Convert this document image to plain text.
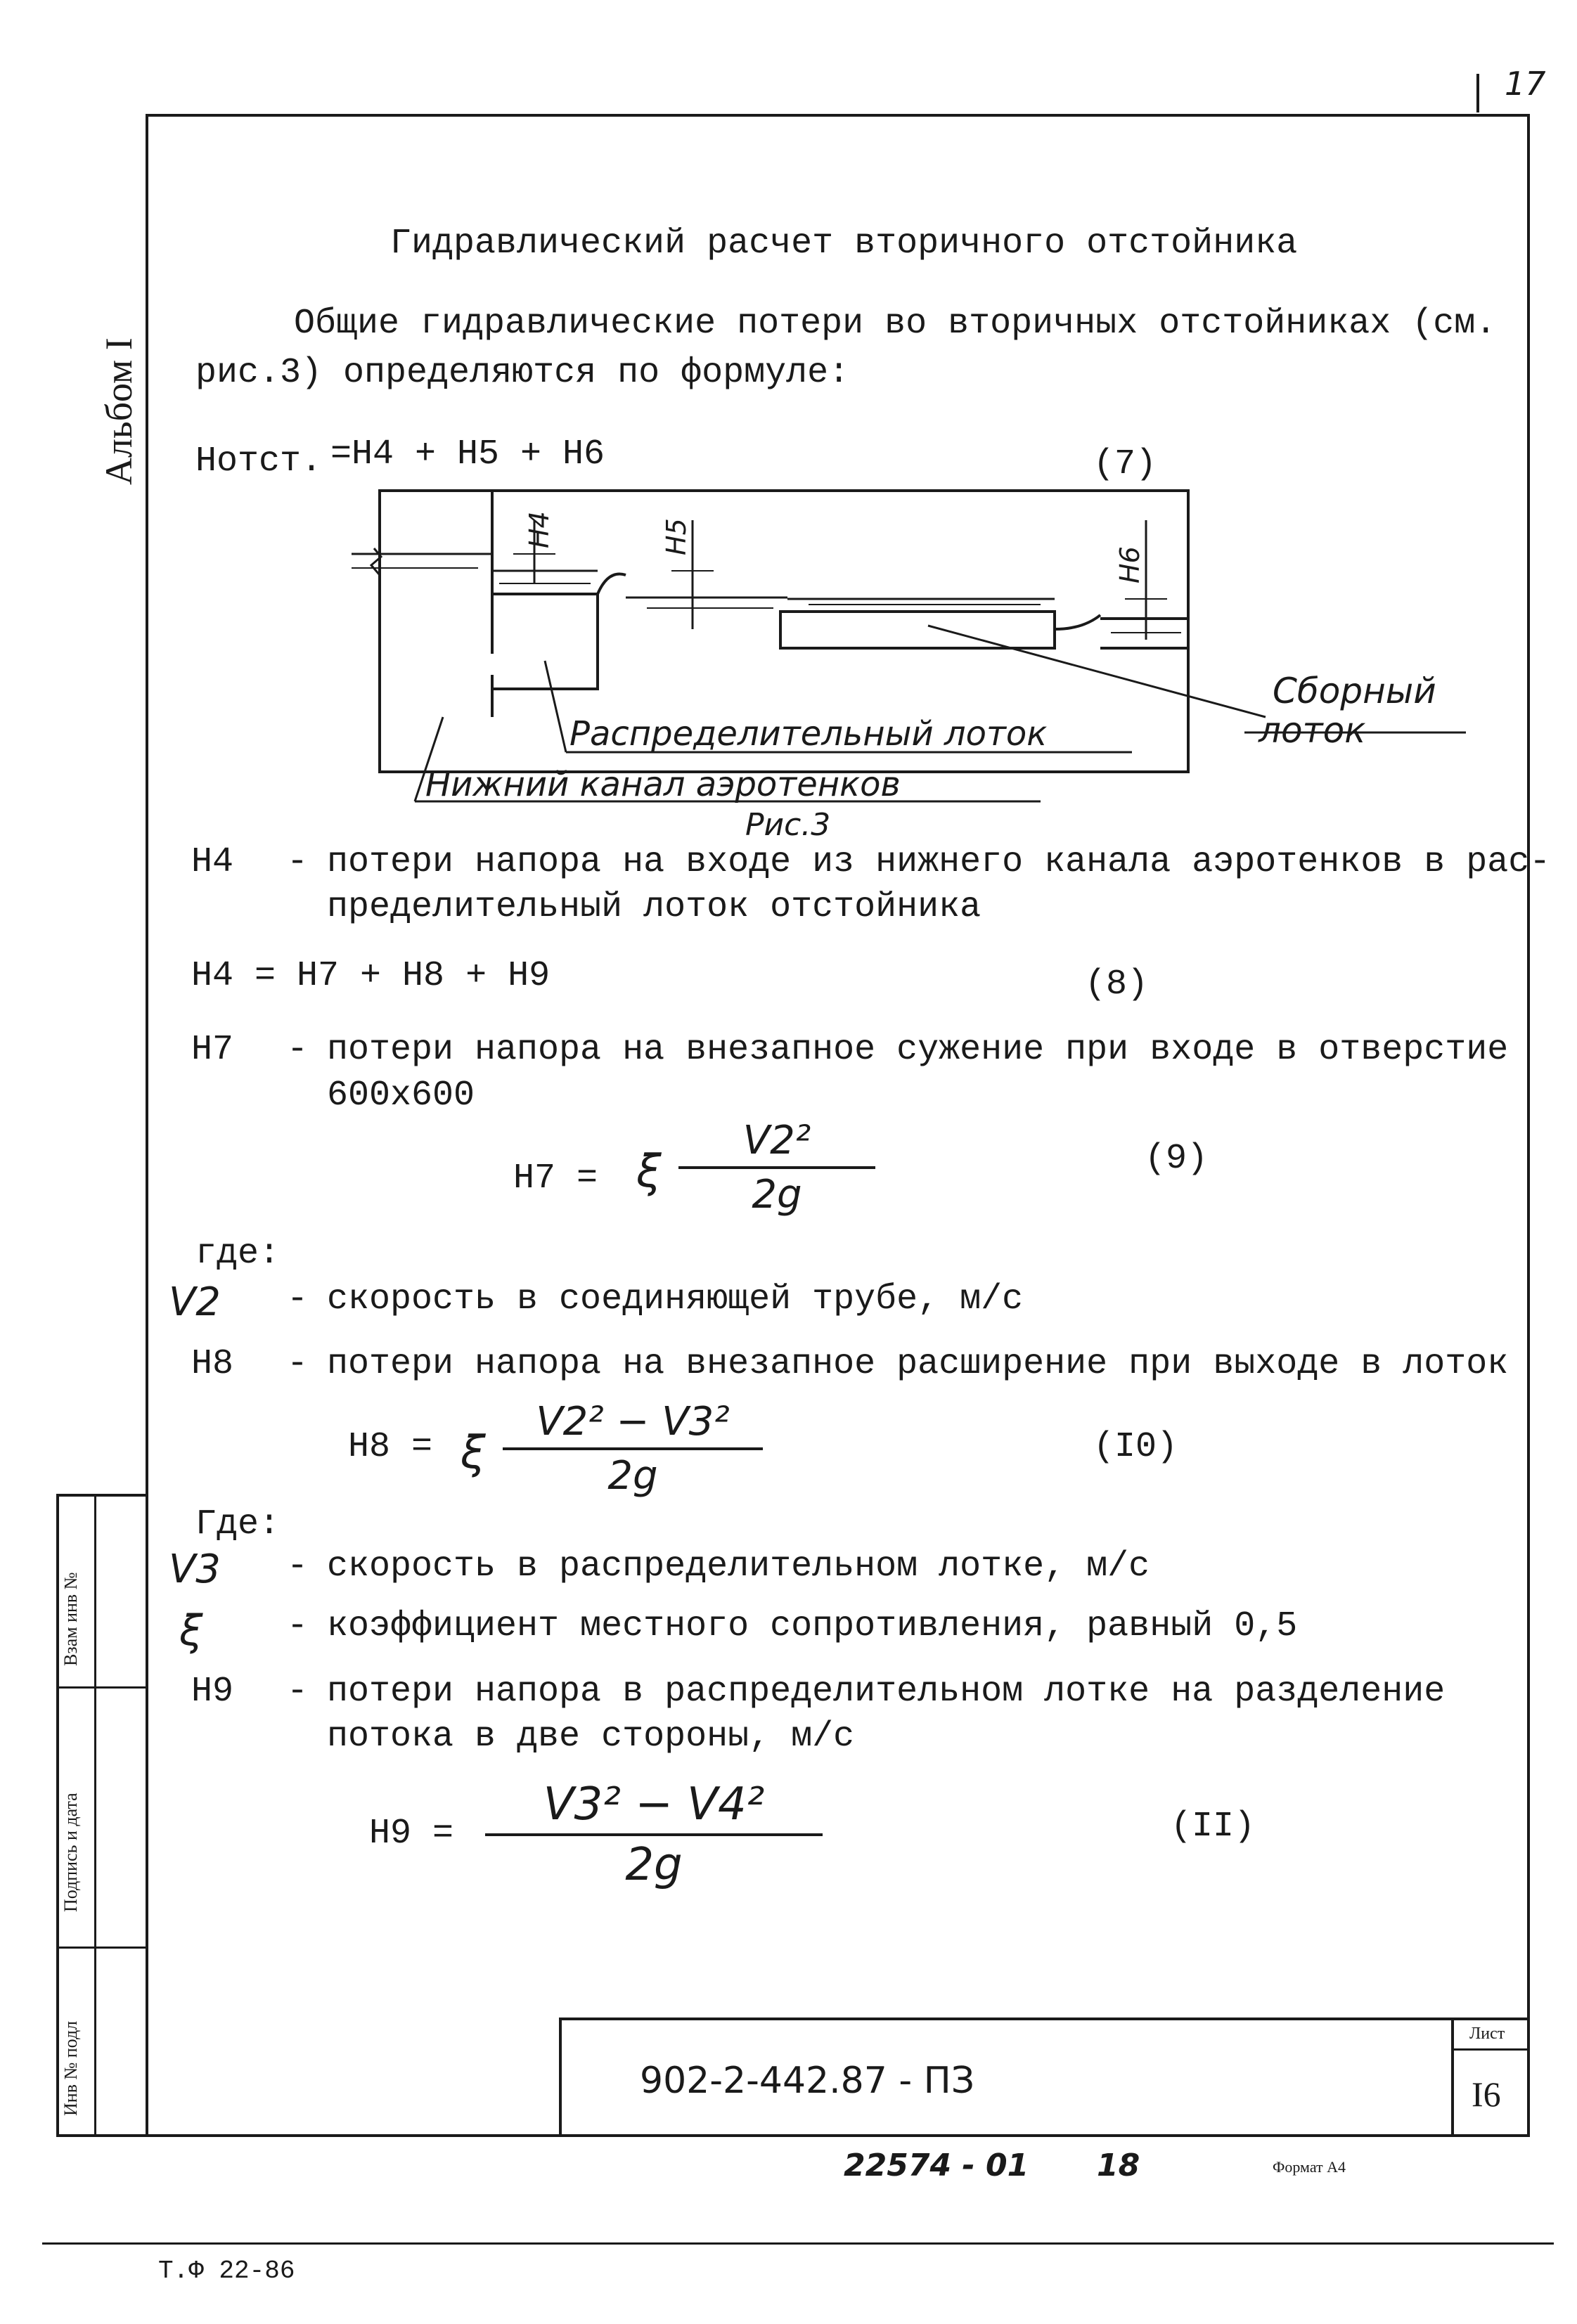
17
Альбом I
Гидравлический расчет вторичного отстойника
Общие гидравлические потери во вторичных отстойниках (см.
рис.3) определяются по формуле:
Hотст. =H4 + H5 + H6	(7)
H4	H5
H6
Распределительный лоток
Сборный
лоток
Нижний канал аэротенков
Рис.3
H4 - потери напора на входе из нижнего канала аэротенков в рас-
пределительный лоток отстойника
H4 = H7 + H8 + H9	(8)
H7 - потери напора на внезапное сужение при входе в отверстие
600х600
H7 = ξ
V2²
2g
(9)
где:
V2 - скорость в соединяющей трубе, м/с
H8 - потери напора на внезапное расширение при выходе в лоток
H8 = ξ
V2² − V3²
2g
(I0)
Где:
V3 - скорость в распределительном лотке, м/с
ξ - коэффициент местного сопротивления, равный 0,5
H9 - потери напора в распределительном лотке на разделение
потока в две стороны, м/с
H9 =
V3² − V4²
2g
(II)
Взам инв №
Подпись и дата
Инв № подл	902-2-442.87 - ПЗ
Лист
I6
22574 - 01 18	Формат А4
Т.Ф 22-86
